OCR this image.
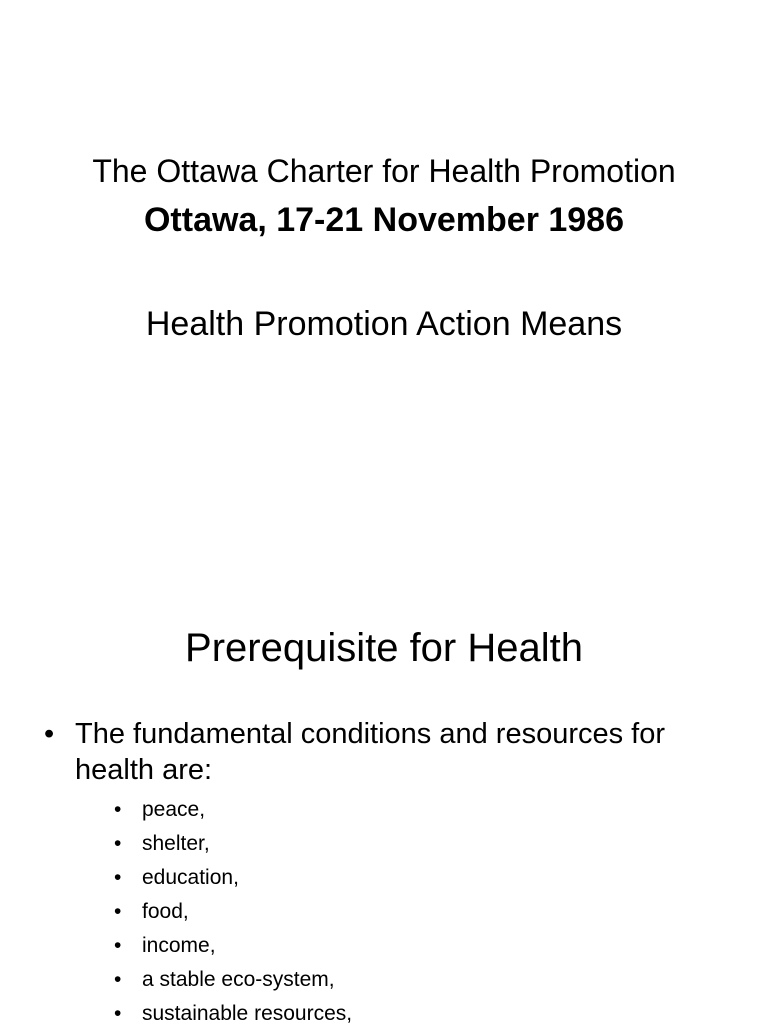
The Ottawa Charter for Health Promotion
Ottawa, 17-21 November 1986
Health Promotion Action Means
Prerequisite for Health
• The fundamental conditions and resources for health are:
• peace,
• shelter,
• education,
• food,
• income,
• a stable eco-system,
• sustainable resources,
